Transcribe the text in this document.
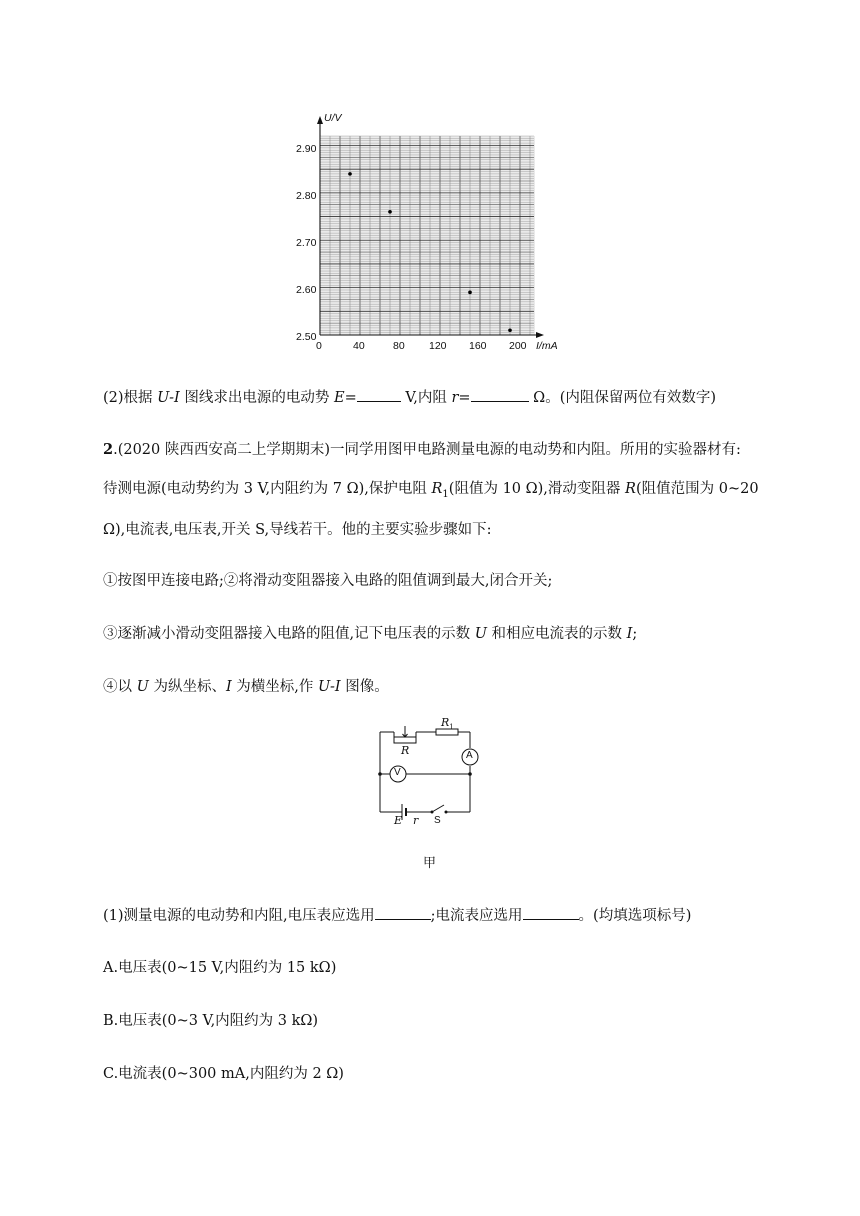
U/V
I/mA
2.90
2.80
2.70
2.60
2.50
0	40	80 120 160 200
(2)根据 U-I 图线求出电源的电动势 E=	V,内阻 r=	Ω。(内阻保留两位有效数字)
2.(2020 陕西西安高二上学期期末)一同学用图甲电路测量电源的电动势和内阻。所用的实验器材有:
待测电源(电动势约为 3 V,内阻约为 7 Ω),保护电阻 $R_1$(阻值为 10 Ω),滑动变阻器 R(阻值范围为 0~20
Ω),电流表,电压表,开关 S,导线若干。他的主要实验步骤如下:
①按图甲连接电路;②将滑动变阻器接入电路的阻值调到最大,闭合开关;
③逐渐减小滑动变阻器接入电路的阻值,记下电压表的示数 U 和相应电流表的示数 I;
④以 U 为纵坐标、I 为横坐标,作 U-I 图像。
R
$R_1$
A
V
E r S
甲
(1)测量电源的电动势和内阻,电压表应选用	;电流表应选用	。(均填选项标号)
A.电压表(0~15 V,内阻约为 15 kΩ)
B.电压表(0~3 V,内阻约为 3 kΩ)
C.电流表(0~300 mA,内阻约为 2 Ω)
